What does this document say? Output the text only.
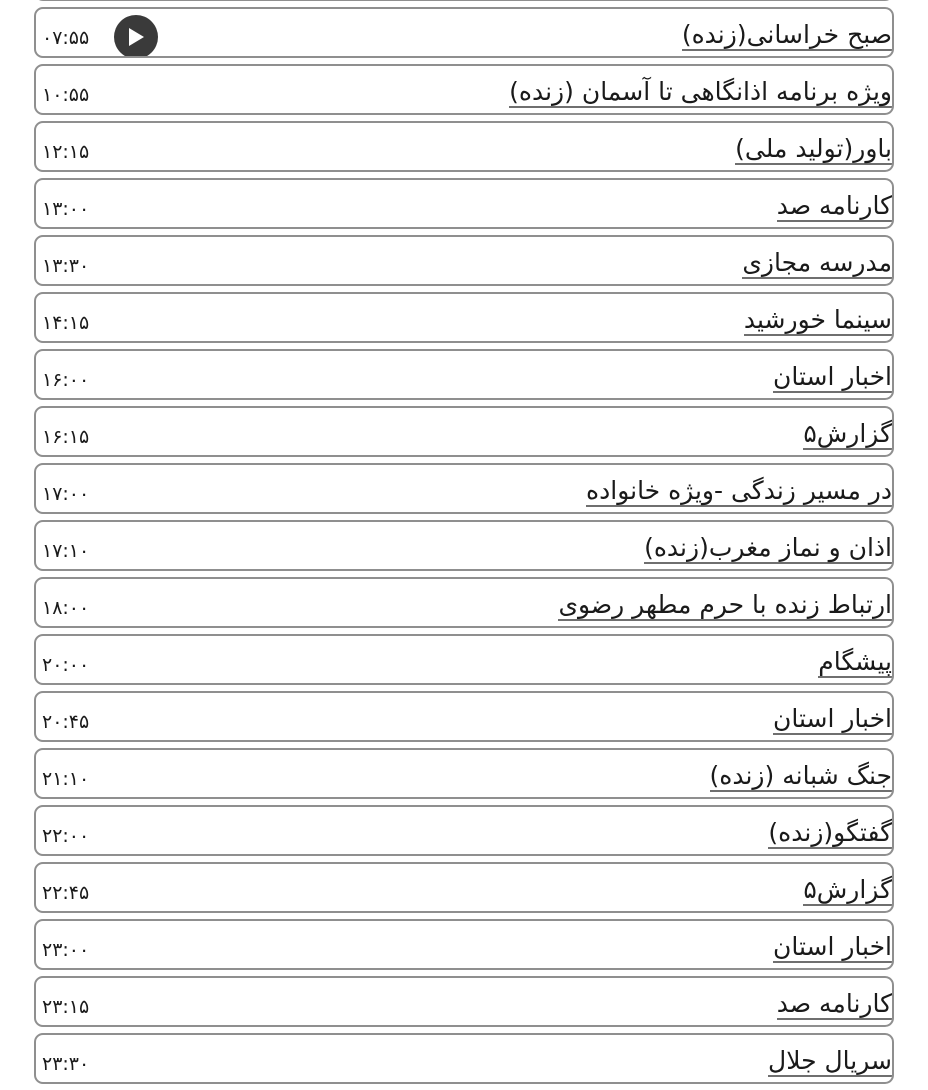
صبح خراسانی(زنده)
۰۷:۵۵
ویژه برنامه اذانگاهی تا آسمان (زنده)
۱۰:۵۵
باور(تولید ملی)
۱۲:۱۵
کارنامه صد
۱۳:۰۰
مدرسه مجازی
۱۳:۳۰
سینما خورشید
۱۴:۱۵
اخبار استان
۱۶:۰۰
گزارش۵
۱۶:۱۵
در مسیر زندگی -ویژه خانواده
۱۷:۰۰
اذان و نماز مغرب(زنده)
۱۷:۱۰
ارتباط زنده با حرم مطهر رضوی
۱۸:۰۰
پیشگام
۲۰:۰۰
اخبار استان
۲۰:۴۵
جنگ شبانه (زنده)
۲۱:۱۰
گفتگو(زنده)
۲۲:۰۰
گزارش۵
۲۲:۴۵
اخبار استان
۲۳:۰۰
کارنامه صد
۲۳:۱۵
سریال جلال
۲۳:۳۰
